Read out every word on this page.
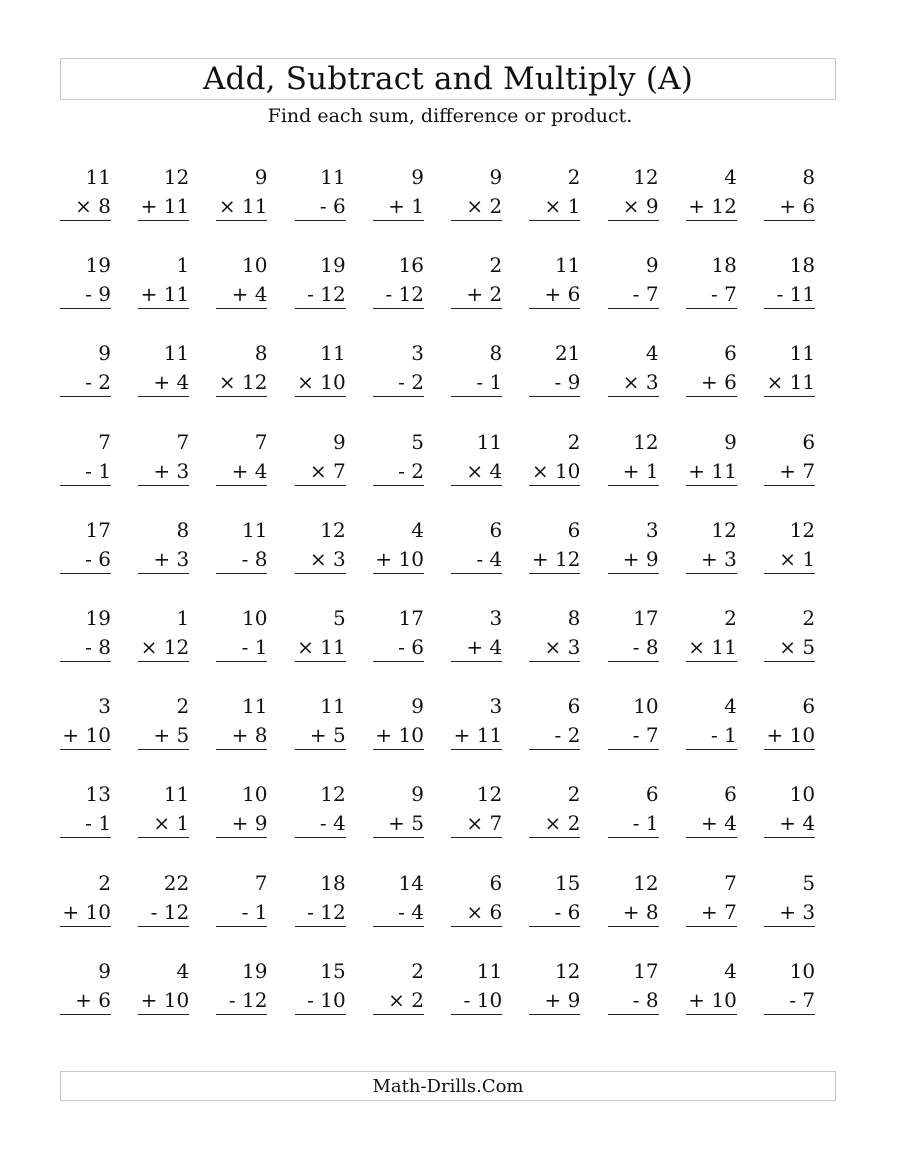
Add, Subtract and Multiply (A)
Find each sum, difference or product.
11
×
8
12
+
11
9
×
11
11
-
6
9
+
1
9
×
2
2
×
1
12
×
9
4
+
12
8
+
6
19
-
9
1
+
11
10
+
4
19
-
12
16
-
12
2
+
2
11
+
6
9
-
7
18
-
7
18
-
11
9
-
2
11
+
4
8
×
12
11
×
10
3
-
2
8
-
1
21
-
9
4
×
3
6
+
6
11
×
11
7
-
1
7
+
3
7
+
4
9
×
7
5
-
2
11
×
4
2
×
10
12
+
1
9
+
11
6
+
7
17
-
6
8
+
3
11
-
8
12
×
3
4
+
10
6
-
4
6
+
12
3
+
9
12
+
3
12
×
1
19
-
8
1
×
12
10
-
1
5
×
11
17
-
6
3
+
4
8
×
3
17
-
8
2
×
11
2
×
5
3
+
10
2
+
5
11
+
8
11
+
5
9
+
10
3
+
11
6
-
2
10
-
7
4
-
1
6
+
10
13
-
1
11
×
1
10
+
9
12
-
4
9
+
5
12
×
7
2
×
2
6
-
1
6
+
4
10
+
4
2
+
10
22
-
12
7
-
1
18
-
12
14
-
4
6
×
6
15
-
6
12
+
8
7
+
7
5
+
3
9
+
6
4
+
10
19
-
12
15
-
10
2
×
2
11
-
10
12
+
9
17
-
8
4
+
10
10
-
7
Math-Drills.Com
